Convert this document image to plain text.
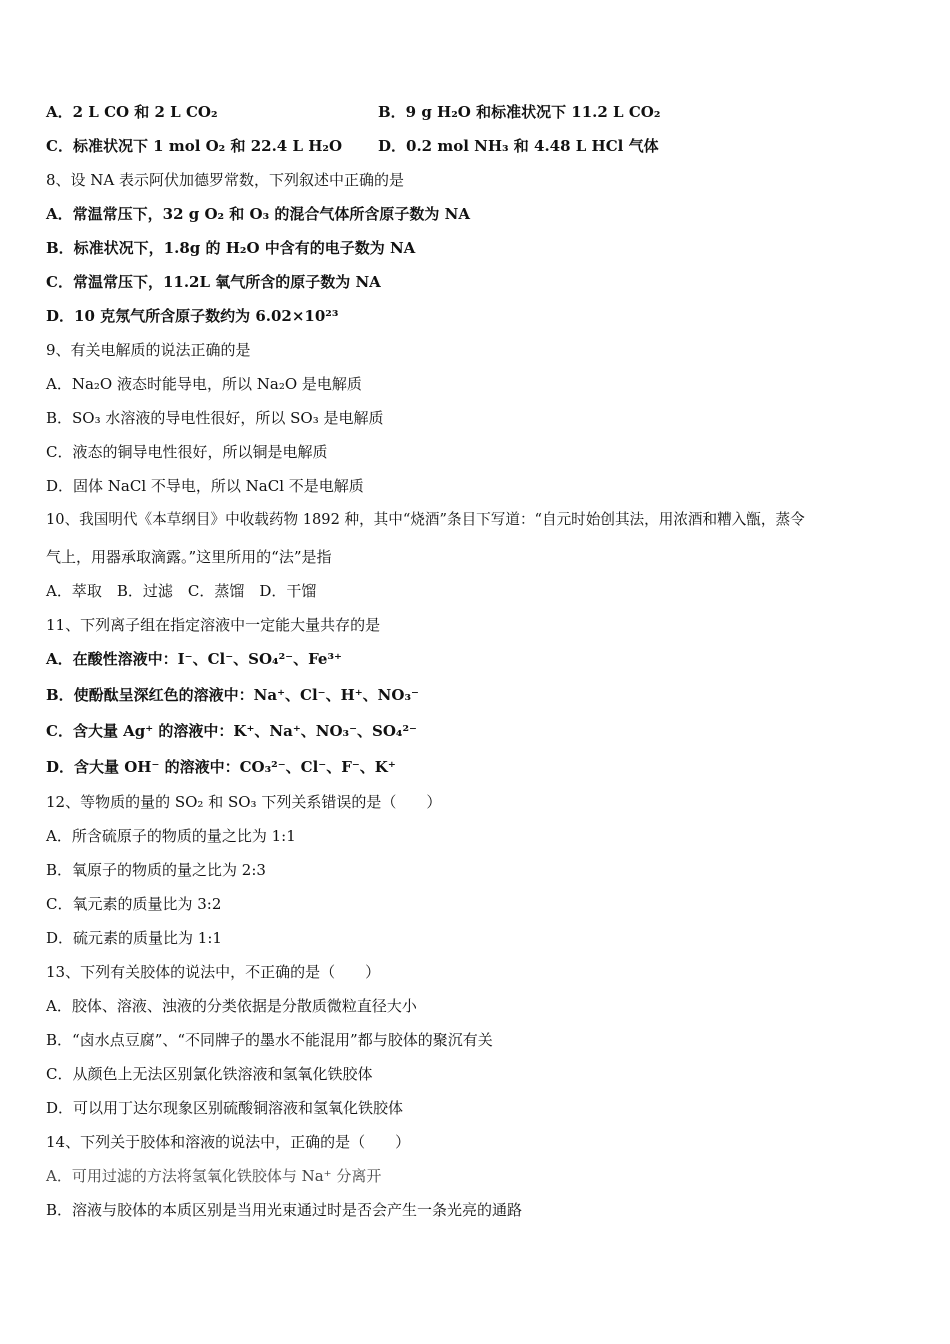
A．2 L CO 和 2 L CO₂	B．9 g H₂O 和标准状况下 11.2 L CO₂
C．标准状况下 1 mol O₂ 和 22.4 L H₂O D．0.2 mol NH₃ 和 4.48 L HCl 气体
8、设 NA 表示阿伏加德罗常数，下列叙述中正确的是
A．常温常压下，32 g O₂ 和 O₃ 的混合气体所含原子数为 NA
B．标准状况下，1.8g 的 H₂O 中含有的电子数为 NA
C．常温常压下，11.2L 氧气所含的原子数为 NA
D．10 克氖气所含原子数约为 6.02×10²³
9、有关电解质的说法正确的是
A．Na₂O 液态时能导电，所以 Na₂O 是电解质
B．SO₃ 水溶液的导电性很好，所以 SO₃ 是电解质
C．液态的铜导电性很好，所以铜是电解质
D．固体 NaCl 不导电，所以 NaCl 不是电解质
10、我国明代《本草纲目》中收载药物 1892 种，其中“烧酒”条目下写道：“自元时始创其法，用浓酒和糟入甑，蒸令
气上，用器承取滴露。”这里所用的“法”是指
A．萃取　B．过滤　C．蒸馏　D．干馏
11、下列离子组在指定溶液中一定能大量共存的是
A．在酸性溶液中：I⁻、Cl⁻、SO₄²⁻、Fe³⁺
B．使酚酞呈深红色的溶液中：Na⁺、Cl⁻、H⁺、NO₃⁻
C．含大量 Ag⁺ 的溶液中：K⁺、Na⁺、NO₃⁻、SO₄²⁻
D．含大量 OH⁻ 的溶液中：CO₃²⁻、Cl⁻、F⁻、K⁺
12、等物质的量的 SO₂ 和 SO₃ 下列关系错误的是（　　）
A．所含硫原子的物质的量之比为 1:1
B．氧原子的物质的量之比为 2:3
C．氧元素的质量比为 3:2
D．硫元素的质量比为 1:1
13、下列有关胶体的说法中，不正确的是（　　）
A．胶体、溶液、浊液的分类依据是分散质微粒直径大小
B．“卤水点豆腐”、“不同牌子的墨水不能混用”都与胶体的聚沉有关
C．从颜色上无法区别氯化铁溶液和氢氧化铁胶体
D．可以用丁达尔现象区别硫酸铜溶液和氢氧化铁胶体
14、下列关于胶体和溶液的说法中，正确的是（　　）
A．可用过滤的方法将氢氧化铁胶体与 Na⁺ 分离开
B．溶液与胶体的本质区别是当用光束通过时是否会产生一条光亮的通路
